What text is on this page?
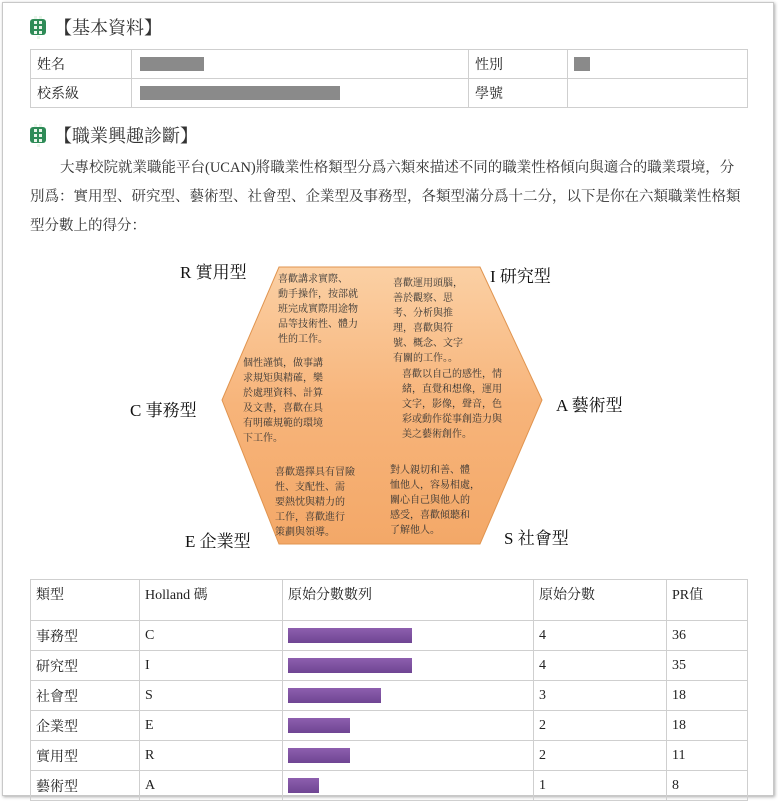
【基本資料】
姓名		性別	
校系級		學號	
【職業興趣診斷】
大專校院就業職能平台(UCAN)將職業性格類型分爲六類來描述不同的職業性格傾向與適合的職業環境，分別爲：實用型、研究型、藝術型、社會型、企業型及事務型，各類型滿分爲十二分，以下是你在六類職業性格類型分數上的得分：
R 實用型	I 研究型
C 事務型	A 藝術型
E 企業型	S 社會型
喜歡講求實際、
動手操作，按部就
班完成實際用途物
品等技術性、體力
性的工作。
喜歡運用頭腦，
善於觀察、思
考、分析與推
理，喜歡與符
號、概念、文字
有關的工作。。
個性謹慎，做事講
求規矩與精確，樂
於處理資料、計算
及文書，喜歡在具
有明確規範的環境
下工作。
喜歡以自己的感性，情
緒，直覺和想像，運用
文字，影像，聲音，色
彩或動作從事創造力與
美之藝術創作。
喜歡選擇具有冒險
性、支配性、需
要熱忱與精力的
工作，喜歡進行
策劃與領導。
對人親切和善、體
恤他人，容易相處，
關心自己與他人的
感受，喜歡傾聽和
了解他人。
類型	Holland 碼	原始分數數列	原始分數	PR值
事務型	C		4	36
研究型	I		4	35
社會型	S		3	18
企業型	E		2	18
實用型	R		2	11
藝術型	A		1	8
